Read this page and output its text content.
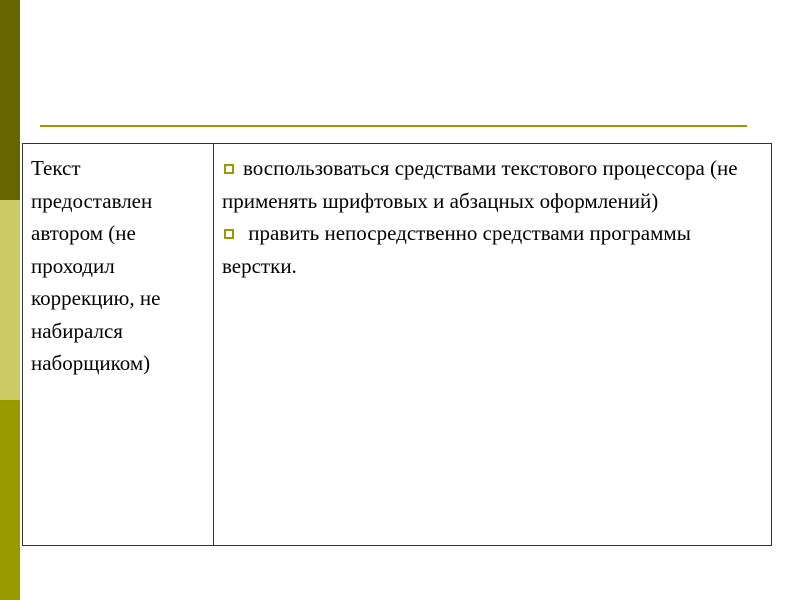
Текст предоставлен автором (не проходил коррекцию, не набирался наборщиком)

воспользоваться средствами текстового процессора (не применять шрифтовых и абзацных оформлений)

править непосредственно средствами программы верстки.
